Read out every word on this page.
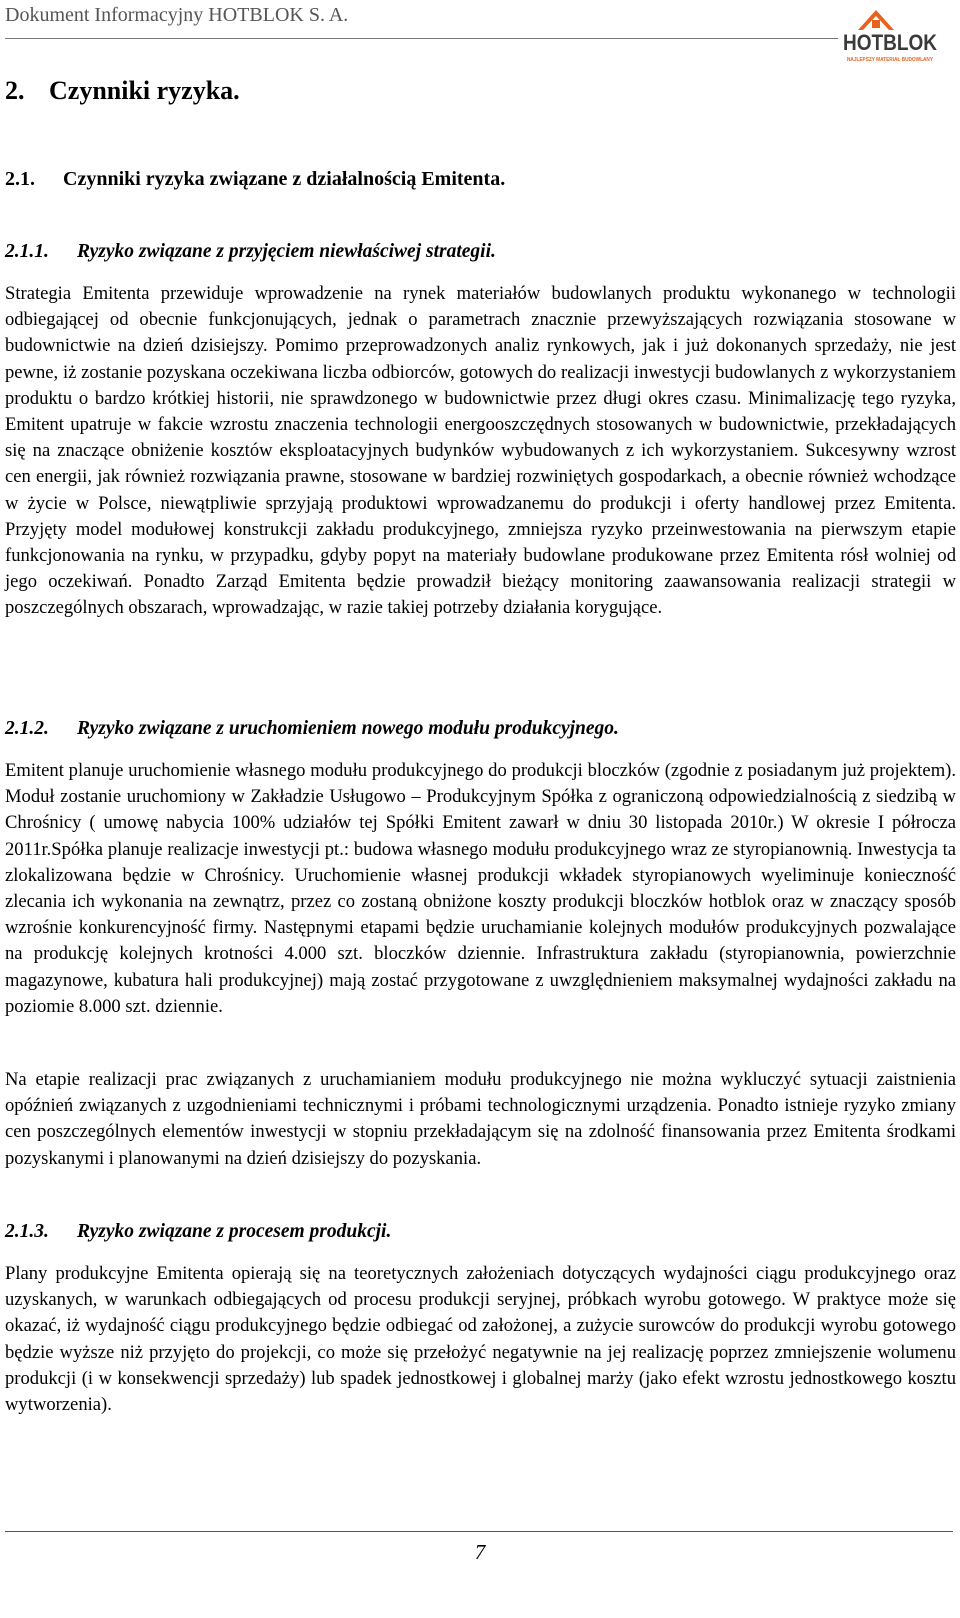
Dokument Informacyjny HOTBLOK S. A.
HOTBLOK
NAJLEPSZY MATERIAŁ BUDOWLANY
2. Czynniki ryzyka.
2.1. Czynniki ryzyka związane z działalnością Emitenta.
2.1.1. Ryzyko związane z przyjęciem niewłaściwej strategii.

Strategia Emitenta przewiduje wprowadzenie na rynek materiałów budowlanych produktu wykonanego w technologii odbiegającej od obecnie funkcjonujących, jednak o parametrach znacznie przewyższających rozwiązania stosowane w budownictwie na dzień dzisiejszy. Pomimo przeprowadzonych analiz rynkowych, jak i już dokonanych sprzedaży, nie jest pewne, iż zostanie pozyskana oczekiwana liczba odbiorców, gotowych do realizacji inwestycji budowlanych z wykorzystaniem produktu o bardzo krótkiej historii, nie sprawdzonego w budownictwie przez długi okres czasu. Minimalizację tego ryzyka, Emitent upatruje w fakcie wzrostu znaczenia technologii energooszczędnych stosowanych w budownictwie, przekładających się na znaczące obniżenie kosztów eksploatacyjnych budynków wybudowanych z ich wykorzystaniem. Sukcesywny wzrost cen energii, jak również rozwiązania prawne, stosowane w bardziej rozwiniętych gospodarkach, a obecnie również wchodzące w życie w Polsce, niewątpliwie sprzyjają produktowi wprowadzanemu do produkcji i oferty handlowej przez Emitenta. Przyjęty model modułowej konstrukcji zakładu produkcyjnego, zmniejsza ryzyko przeinwestowania na pierwszym etapie funkcjonowania na rynku, w przypadku, gdyby popyt na materiały budowlane produkowane przez Emitenta rósł wolniej od jego oczekiwań. Ponadto Zarząd Emitenta będzie prowadził bieżący monitoring zaawansowania realizacji strategii w poszczególnych obszarach, wprowadzając, w razie takiej potrzeby działania korygujące.

2.1.2. Ryzyko związane z uruchomieniem nowego modułu produkcyjnego.

Emitent planuje uruchomienie własnego modułu produkcyjnego do produkcji bloczków (zgodnie z posiadanym już projektem). Moduł zostanie uruchomiony w Zakładzie Usługowo – Produkcyjnym Spółka z ograniczoną odpowiedzialnością z siedzibą w Chrośnicy ( umowę nabycia 100% udziałów tej Spółki Emitent zawarł w dniu 30 listopada 2010r.) W okresie I półrocza 2011r.Spółka planuje realizacje inwestycji pt.: budowa własnego modułu produkcyjnego wraz ze styropianownią. Inwestycja ta zlokalizowana będzie w Chrośnicy. Uruchomienie własnej produkcji wkładek styropianowych wyeliminuje konieczność zlecania ich wykonania na zewnątrz, przez co zostaną obniżone koszty produkcji bloczków hotblok oraz w znaczący sposób wzrośnie konkurencyjność firmy. Następnymi etapami będzie uruchamianie kolejnych modułów produkcyjnych pozwalające na produkcję kolejnych krotności 4.000 szt. bloczków dziennie. Infrastruktura zakładu (styropianownia, powierzchnie magazynowe, kubatura hali produkcyjnej) mają zostać przygotowane z uwzględnieniem maksymalnej wydajności zakładu na poziomie 8.000 szt. dziennie.

Na etapie realizacji prac związanych z uruchamianiem modułu produkcyjnego nie można wykluczyć sytuacji zaistnienia opóźnień związanych z uzgodnieniami technicznymi i próbami technologicznymi urządzenia. Ponadto istnieje ryzyko zmiany cen poszczególnych elementów inwestycji w stopniu przekładającym się na zdolność finansowania przez Emitenta środkami pozyskanymi i planowanymi na dzień dzisiejszy do pozyskania.

2.1.3. Ryzyko związane z procesem produkcji.

Plany produkcyjne Emitenta opierają się na teoretycznych założeniach dotyczących wydajności ciągu produkcyjnego oraz uzyskanych, w warunkach odbiegających od procesu produkcji seryjnej, próbkach wyrobu gotowego. W praktyce może się okazać, iż wydajność ciągu produkcyjnego będzie odbiegać od założonej, a zużycie surowców do produkcji wyrobu gotowego będzie wyższe niż przyjęto do projekcji, co może się przełożyć negatywnie na jej realizację poprzez zmniejszenie wolumenu produkcji (i w konsekwencji sprzedaży) lub spadek jednostkowej i globalnej marży (jako efekt wzrostu jednostkowego kosztu wytworzenia).

7
